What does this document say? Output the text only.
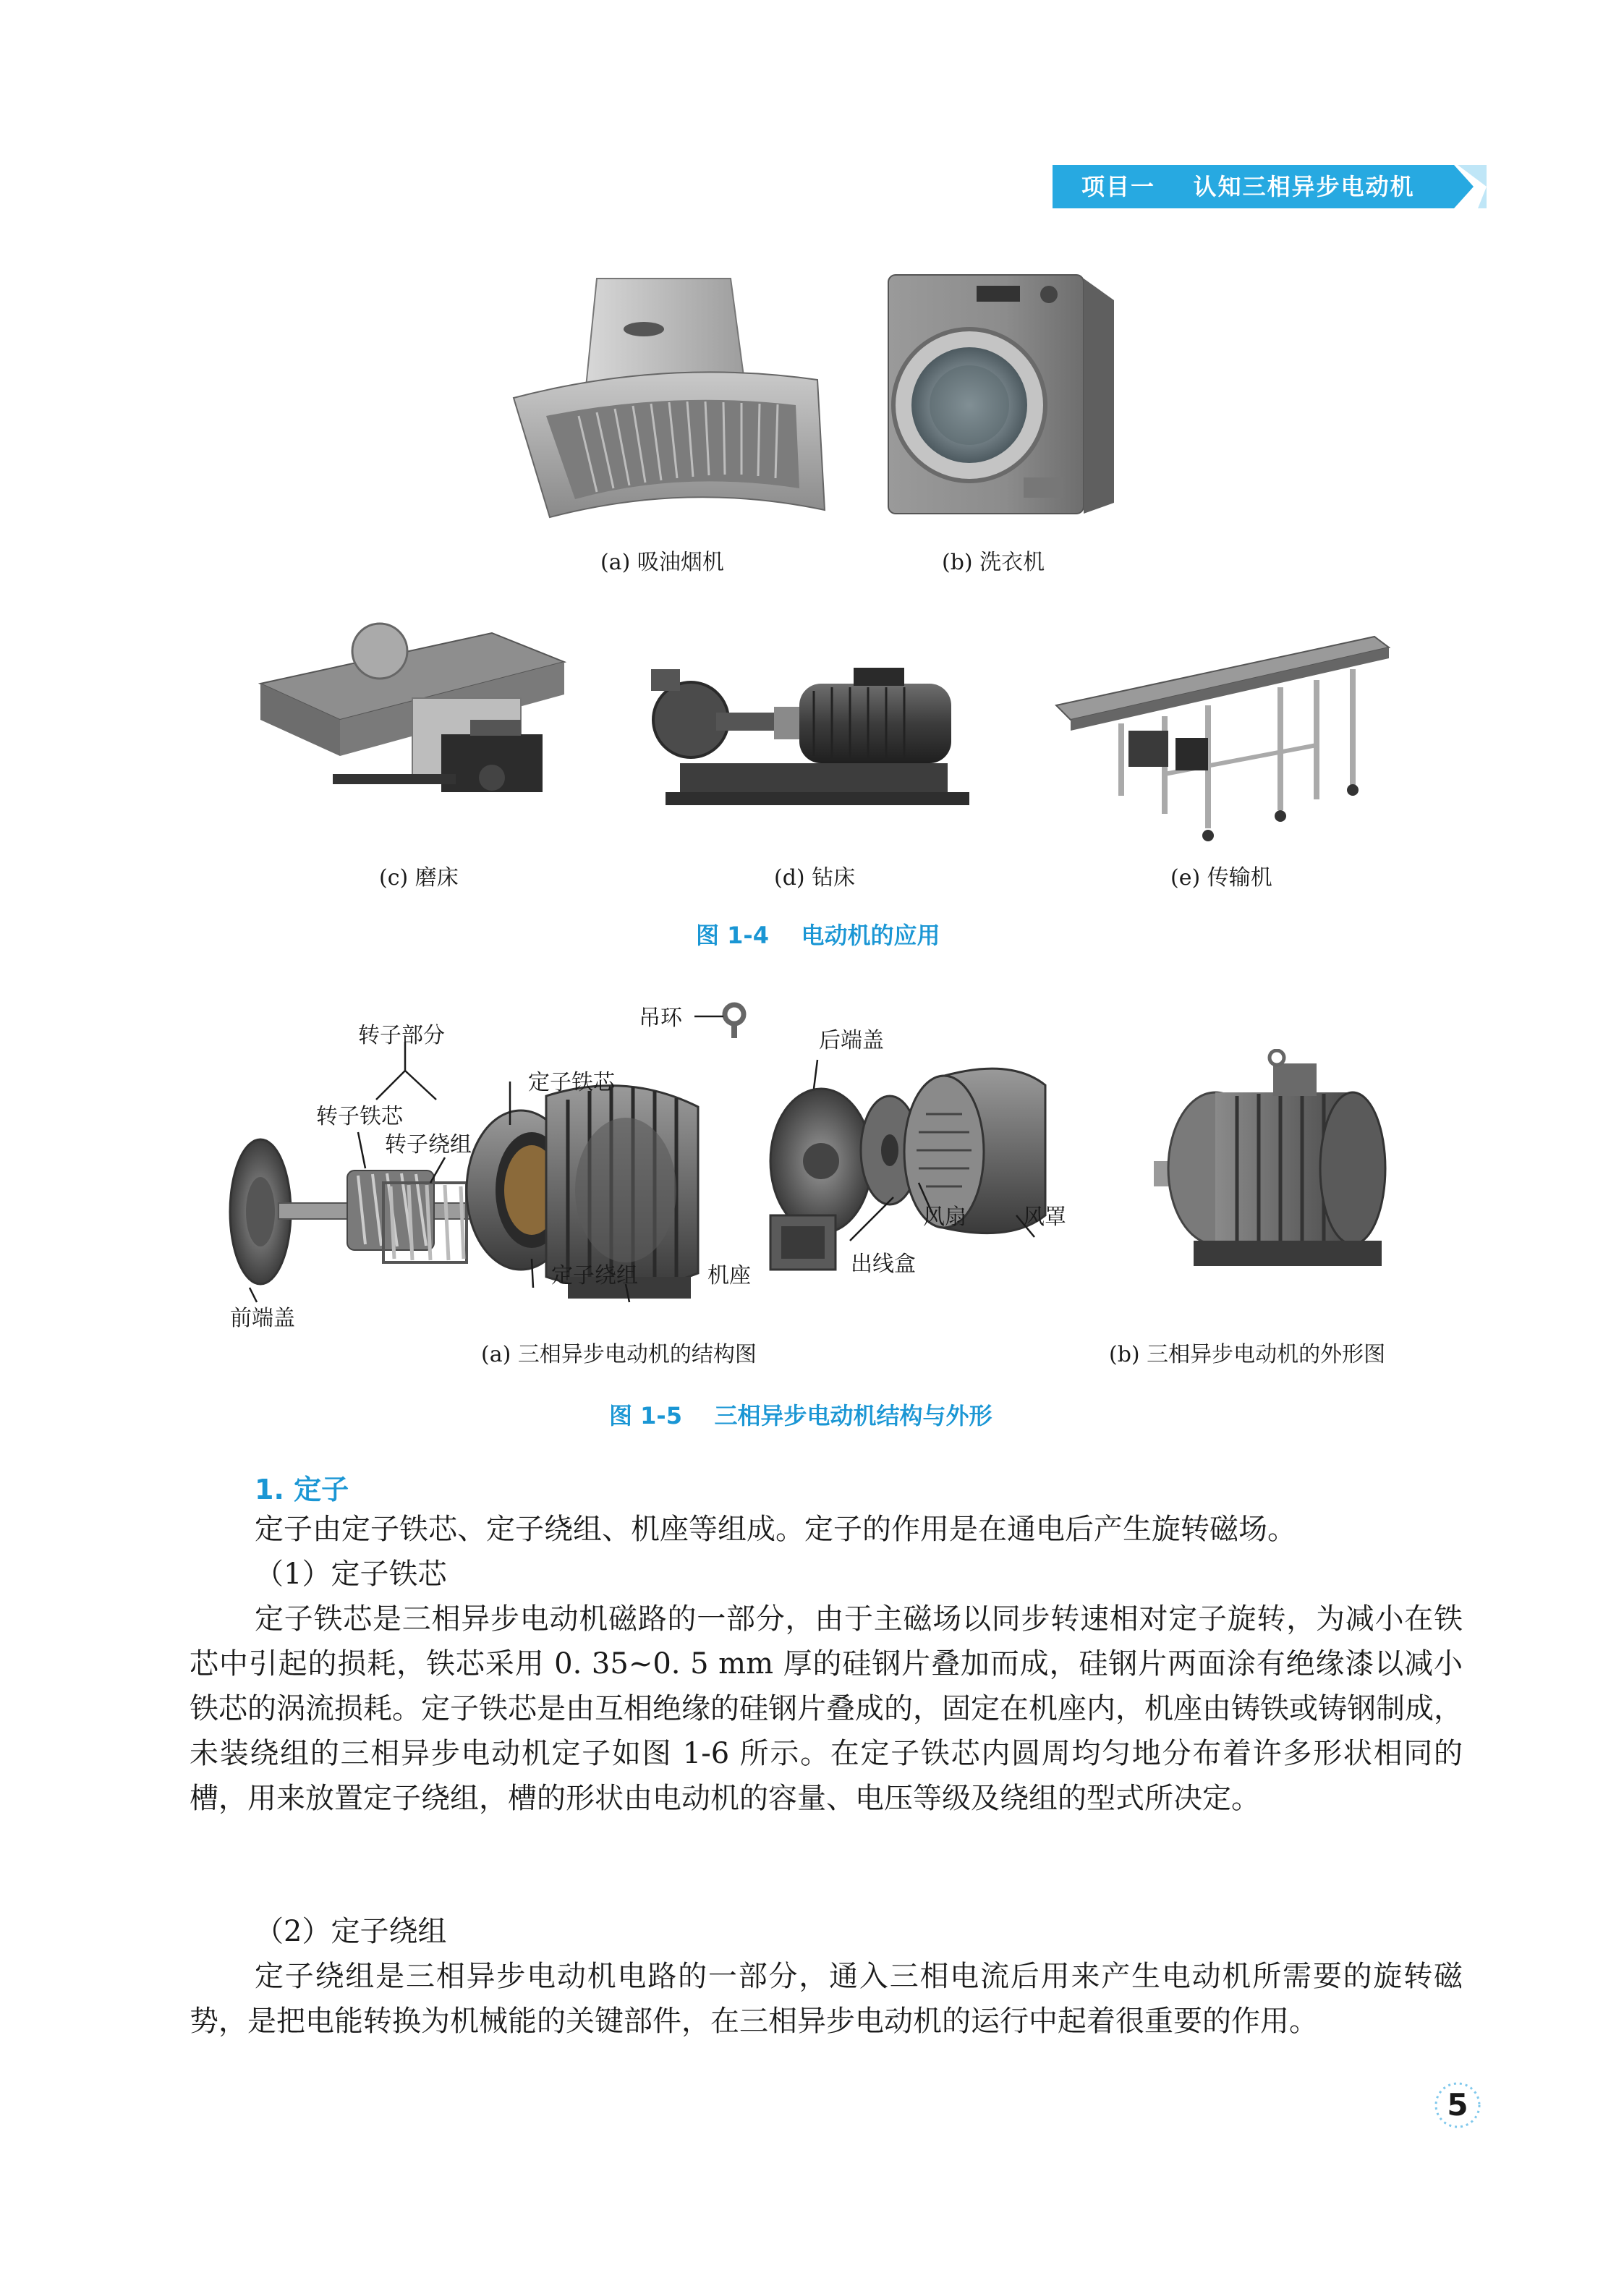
项目一    认知三相异步电动机
(a) 吸油烟机	(b) 洗衣机
(c) 磨床	(d) 钻床	(e) 传输机
图 1-4    电动机的应用
转子部分
吊环
后端盖
定子铁芯
转子铁芯
转子绕组
风扇	风罩
出线盒
定子绕组	机座
前端盖
(a) 三相异步电动机的结构图	(b) 三相异步电动机的外形图
图 1-5    三相异步电动机结构与外形
1. 定子

定子由定子铁芯、定子绕组、机座等组成。定子的作用是在通电后产生旋转磁场。

（1）定子铁芯

定子铁芯是三相异步电动机磁路的一部分，由于主磁场以同步转速相对定子旋转，为减小在铁芯中引起的损耗，铁芯采用 0. 35~0. 5 mm 厚的硅钢片叠加而成，硅钢片两面涂有绝缘漆以减小铁芯的涡流损耗。定子铁芯是由互相绝缘的硅钢片叠成的，固定在机座内，机座由铸铁或铸钢制成，未装绕组的三相异步电动机定子如图 1-6 所示。在定子铁芯内圆周均匀地分布着许多形状相同的槽，用来放置定子绕组，槽的形状由电动机的容量、电压等级及绕组的型式所决定。

（2）定子绕组

定子绕组是三相异步电动机电路的一部分，通入三相电流后用来产生电动机所需要的旋转磁势，是把电能转换为机械能的关键部件，在三相异步电动机的运行中起着很重要的作用。

5
